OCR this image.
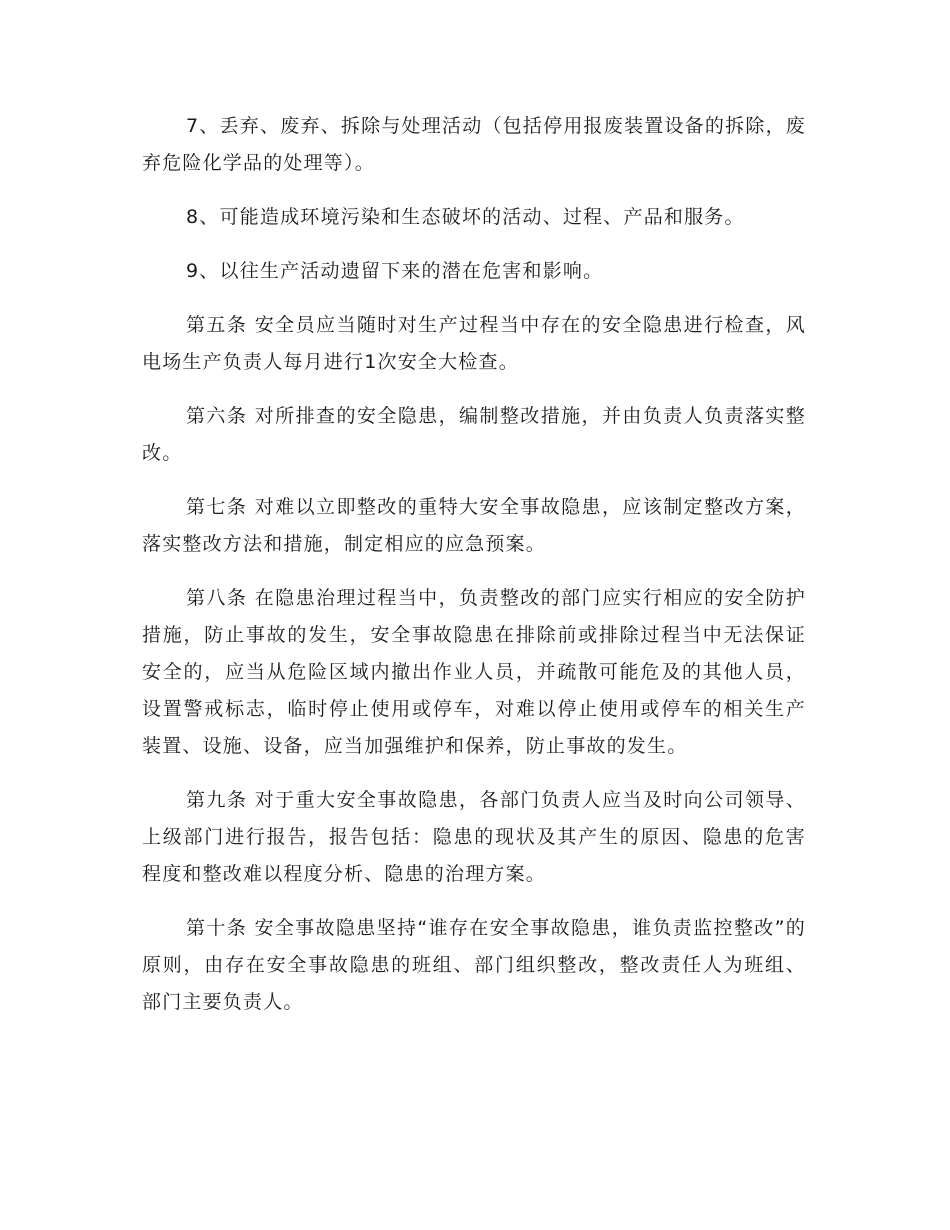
7、丢弃、废弃、拆除与处理活动（包括停用报废装置设备的拆除，废弃危险化学品的处理等）。

8、可能造成环境污染和生态破坏的活动、过程、产品和服务。

9、以往生产活动遗留下来的潜在危害和影响。

第五条 安全员应当随时对生产过程当中存在的安全隐患进行检查，风电场生产负责人每月进行1次安全大检查。

第六条 对所排查的安全隐患，编制整改措施，并由负责人负责落实整改。

第七条 对难以立即整改的重特大安全事故隐患，应该制定整改方案，落实整改方法和措施，制定相应的应急预案。

第八条 在隐患治理过程当中，负责整改的部门应实行相应的安全防护措施，防止事故的发生，安全事故隐患在排除前或排除过程当中无法保证安全的，应当从危险区域内撤出作业人员，并疏散可能危及的其他人员，设置警戒标志，临时停止使用或停车，对难以停止使用或停车的相关生产装置、设施、设备，应当加强维护和保养，防止事故的发生。

第九条 对于重大安全事故隐患，各部门负责人应当及时向公司领导、上级部门进行报告，报告包括：隐患的现状及其产生的原因、隐患的危害程度和整改难以程度分析、隐患的治理方案。

第十条 安全事故隐患坚持“谁存在安全事故隐患，谁负责监控整改”的原则，由存在安全事故隐患的班组、部门组织整改，整改责任人为班组、部门主要负责人。
